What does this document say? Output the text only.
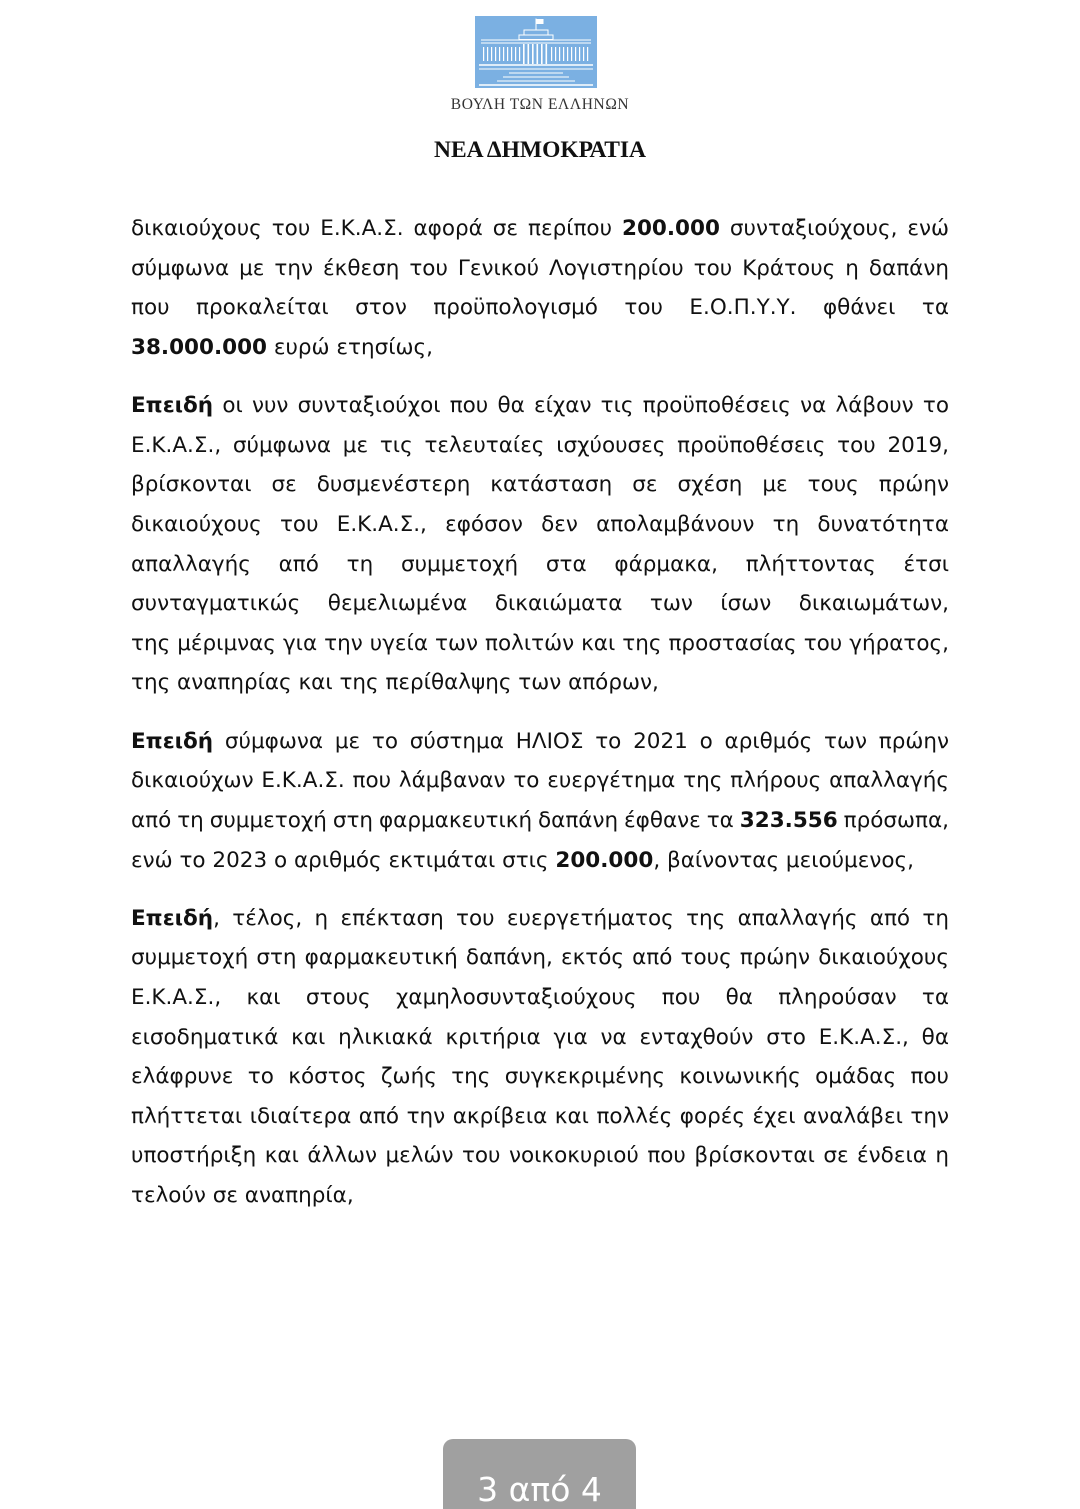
ΒΟΥΛΗ ΤΩΝ ΕΛΛΗΝΩΝ
ΝΕΑ ΔΗΜΟΚΡΑΤΙΑ
δικαιούχους του Ε.Κ.Α.Σ. αφορά σε περίπου 200.000 συνταξιούχους, ενώ
σύμφωνα με την έκθεση του Γενικού Λογιστηρίου του Κράτους η δαπάνη
που προκαλείται στον προϋπολογισμό του Ε.Ο.Π.Υ.Υ. φθάνει τα
38.000.000 ευρώ ετησίως,
Επειδή οι νυν συνταξιούχοι που θα είχαν τις προϋποθέσεις να λάβουν το
Ε.Κ.Α.Σ., σύμφωνα με τις τελευταίες ισχύουσες προϋποθέσεις του 2019,
βρίσκονται σε δυσμενέστερη κατάσταση σε σχέση με τους πρώην
δικαιούχους του Ε.Κ.Α.Σ., εφόσον δεν απολαμβάνουν τη δυνατότητα
απαλλαγής από τη συμμετοχή στα φάρμακα, πλήττοντας έτσι
συνταγματικώς θεμελιωμένα δικαιώματα των ίσων δικαιωμάτων,
της μέριμνας για την υγεία των πολιτών και της προστασίας του γήρατος,
της αναπηρίας και της περίθαλψης των απόρων,
Επειδή σύμφωνα με το σύστημα ΗΛΙΟΣ το 2021 ο αριθμός των πρώην
δικαιούχων Ε.Κ.Α.Σ. που λάμβαναν το ευεργέτημα της πλήρους απαλλαγής
από τη συμμετοχή στη φαρμακευτική δαπάνη έφθανε τα 323.556 πρόσωπα,
ενώ το 2023 ο αριθμός εκτιμάται στις 200.000, βαίνοντας μειούμενος,
Επειδή, τέλος, η επέκταση του ευεργετήματος της απαλλαγής από τη
συμμετοχή στη φαρμακευτική δαπάνη, εκτός από τους πρώην δικαιούχους
Ε.Κ.Α.Σ., και στους χαμηλοσυνταξιούχους που θα πληρούσαν τα
εισοδηματικά και ηλικιακά κριτήρια για να ενταχθούν στο Ε.Κ.Α.Σ., θα
ελάφρυνε το κόστος ζωής της συγκεκριμένης κοινωνικής ομάδας που
πλήττεται ιδιαίτερα από την ακρίβεια και πολλές φορές έχει αναλάβει την
υποστήριξη και άλλων μελών του νοικοκυριού που βρίσκονται σε ένδεια η
τελούν σε αναπηρία,
3 από 4
